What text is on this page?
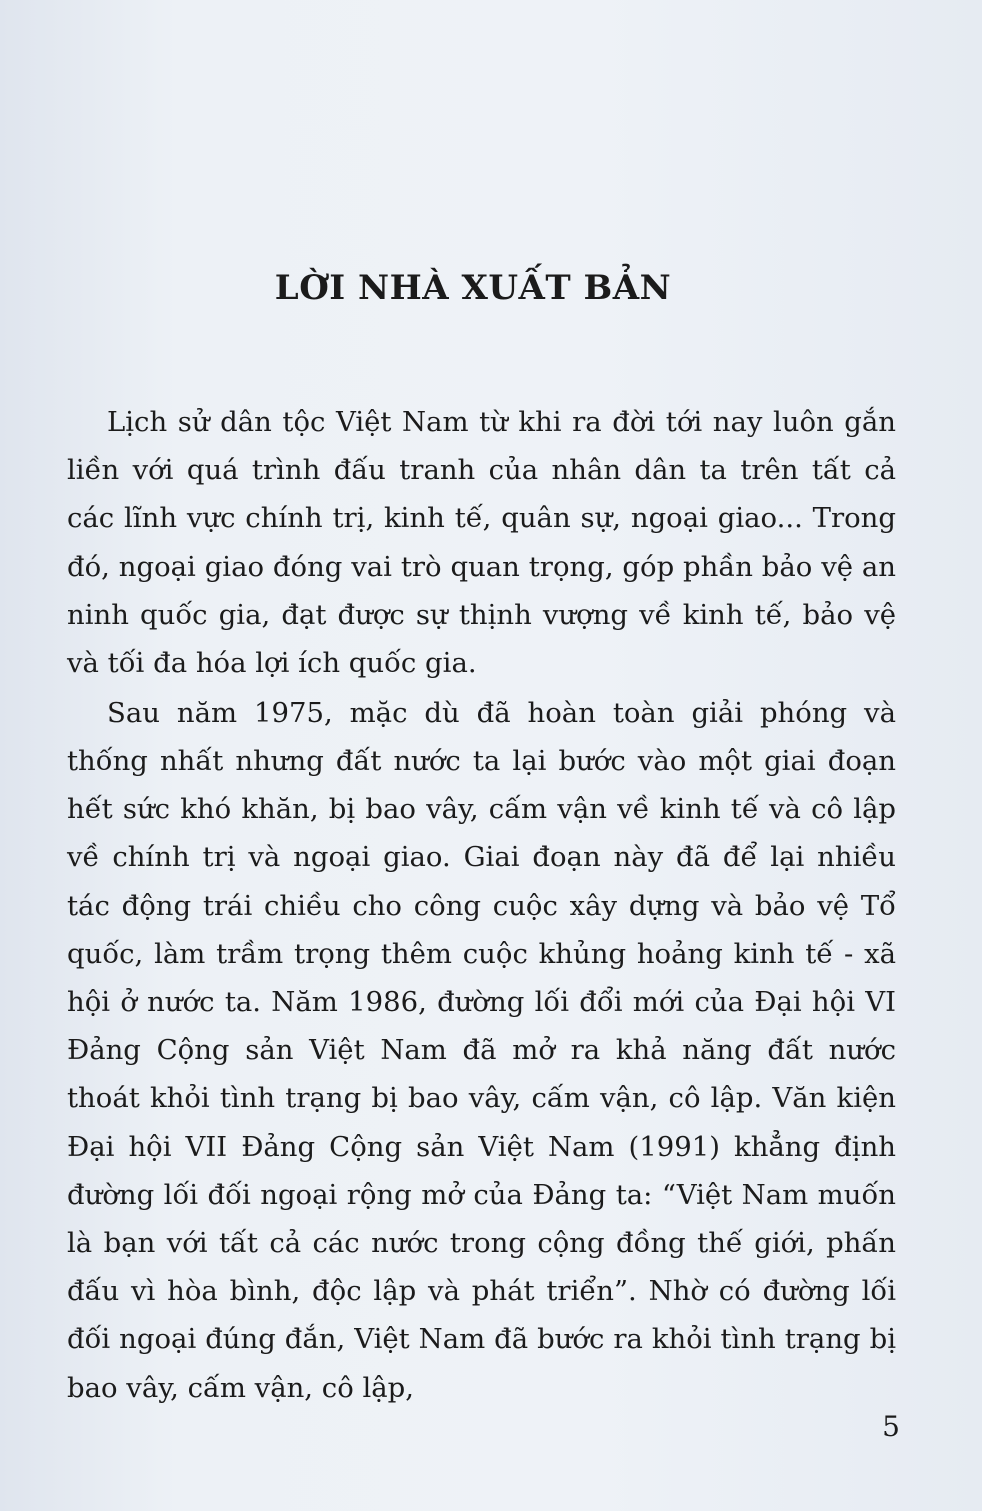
LỜI NHÀ XUẤT BẢN

Lịch sử dân tộc Việt Nam từ khi ra đời tới nay luôn gắn liền với quá trình đấu tranh của nhân dân ta trên tất cả các lĩnh vực chính trị, kinh tế, quân sự, ngoại giao... Trong đó, ngoại giao đóng vai trò quan trọng, góp phần bảo vệ an ninh quốc gia, đạt được sự thịnh vượng về kinh tế, bảo vệ và tối đa hóa lợi ích quốc gia.

Sau năm 1975, mặc dù đã hoàn toàn giải phóng và thống nhất nhưng đất nước ta lại bước vào một giai đoạn hết sức khó khăn, bị bao vây, cấm vận về kinh tế và cô lập về chính trị và ngoại giao. Giai đoạn này đã để lại nhiều tác động trái chiều cho công cuộc xây dựng và bảo vệ Tổ quốc, làm trầm trọng thêm cuộc khủng hoảng kinh tế - xã hội ở nước ta. Năm 1986, đường lối đổi mới của Đại hội VI Đảng Cộng sản Việt Nam đã mở ra khả năng đất nước thoát khỏi tình trạng bị bao vây, cấm vận, cô lập. Văn kiện Đại hội VII Đảng Cộng sản Việt Nam (1991) khẳng định đường lối đối ngoại rộng mở của Đảng ta: “Việt Nam muốn là bạn với tất cả các nước trong cộng đồng thế giới, phấn đấu vì hòa bình, độc lập và phát triển”. Nhờ có đường lối đối ngoại đúng đắn, Việt Nam đã bước ra khỏi tình trạng bị bao vây, cấm vận, cô lập,

5
